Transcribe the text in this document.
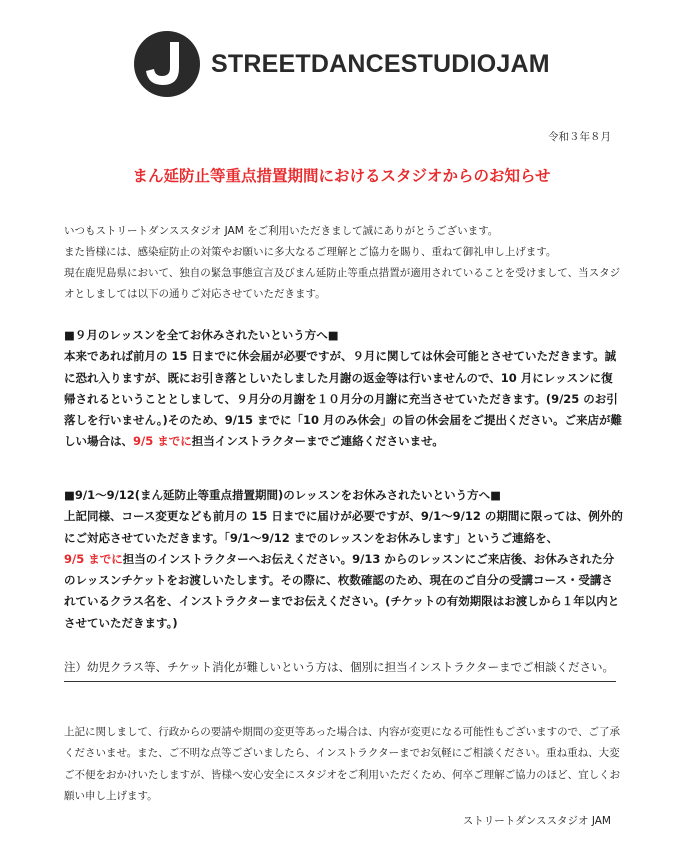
STREETDANCESTUDIOJAM
令和３年８月
まん延防止等重点措置期間におけるスタジオからのお知らせ

いつもストリートダンススタジオ JAM をご利用いただきまして誠にありがとうございます。

また皆様には、感染症防止の対策やお願いに多大なるご理解とご協力を賜り、重ねて御礼申し上げます。

現在鹿児島県において、独自の緊急事態宣言及びまん延防止等重点措置が適用されていることを受けまして、当スタジオとしましては以下の通りご対応させていただきます。

■９月のレッスンを全てお休みされたいという方へ■

本来であれば前月の 15 日までに休会届が必要ですが、９月に関しては休会可能とさせていただきます。誠に恐れ入りますが、既にお引き落としいたしました月謝の返金等は行いませんので、10 月にレッスンに復帰されるということとしまして、９月分の月謝を１０月分の月謝に充当させていただきます。(9/25 のお引落しを行いません。)そのため、9/15 までに「10 月のみ休会」の旨の休会届をご提出ください。ご来店が難しい場合は、9/5 までに担当インストラクターまでご連絡くださいませ。

■9/1～9/12(まん延防止等重点措置期間)のレッスンをお休みされたいという方へ■

上記同様、コース変更なども前月の 15 日までに届けが必要ですが、9/1～9/12 の期間に限っては、例外的にご対応させていただきます。「9/1～9/12 までのレッスンをお休みします」というご連絡を、
9/5 までに担当のインストラクターへお伝えください。9/13 からのレッスンにご来店後、お休みされた分のレッスンチケットをお渡しいたします。その際に、枚数確認のため、現在のご自分の受講コース・受講されているクラス名を、インストラクターまでお伝えください。(チケットの有効期限はお渡しから１年以内とさせていただきます。)

注）幼児クラス等、チケット消化が難しいという方は、個別に担当インストラクターまでご相談ください。

上記に関しまして、行政からの要請や期間の変更等あった場合は、内容が変更になる可能性もございますので、ご了承くださいませ。また、ご不明な点等ございましたら、インストラクターまでお気軽にご相談ください。重ね重ね、大変ご不便をおかけいたしますが、皆様へ安心安全にスタジオをご利用いただくため、何卒ご理解ご協力のほど、宜しくお願い申し上げます。

ストリートダンススタジオ JAM
